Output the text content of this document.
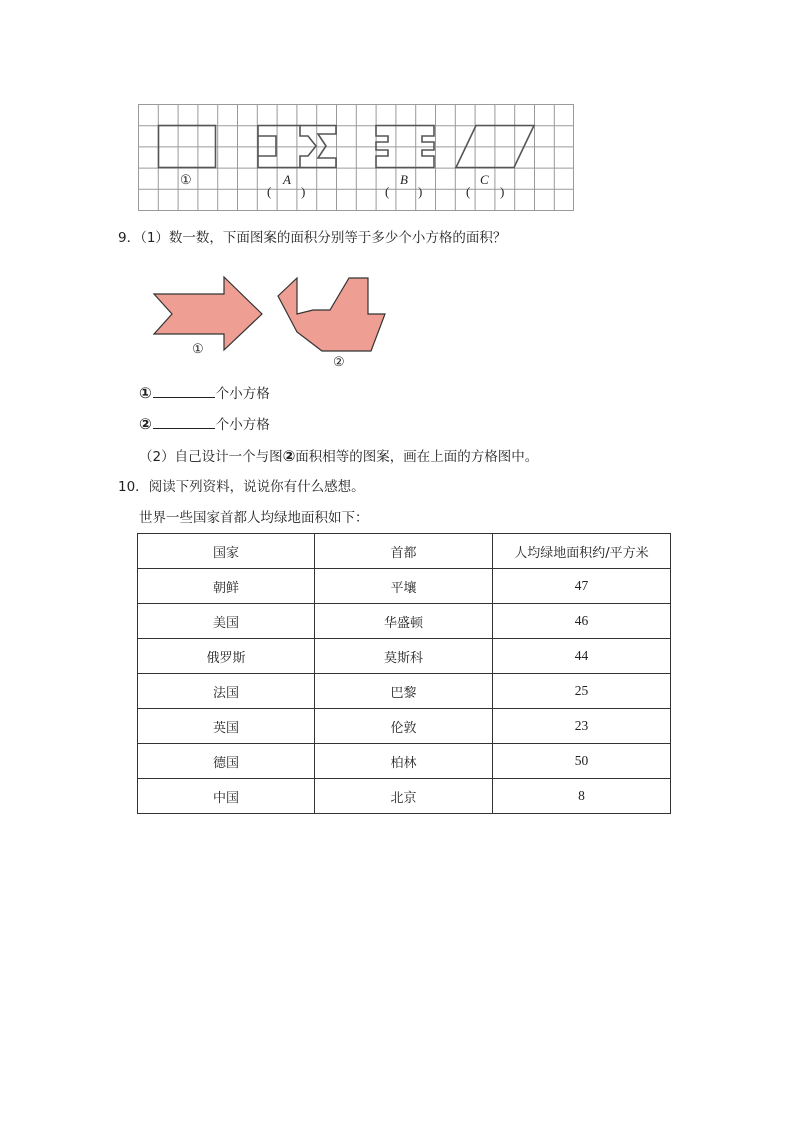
①
(
A
)	(
B
)	(
C
)
9．（1）数一数，下面图案的面积分别等于多少个小方格的面积？
①
②
①	个小方格
②	个小方格
（2）自己设计一个与图②面积相等的图案，画在上面的方格图中。
10．阅读下列资料，说说你有什么感想。
世界一些国家首都人均绿地面积如下：
国家	首都	人均绿地面积约/平方米
朝鲜	平壤	47
美国	华盛顿	46
俄罗斯	莫斯科	44
法国	巴黎	25
英国	伦敦	23
德国	柏林	50
中国	北京	8
